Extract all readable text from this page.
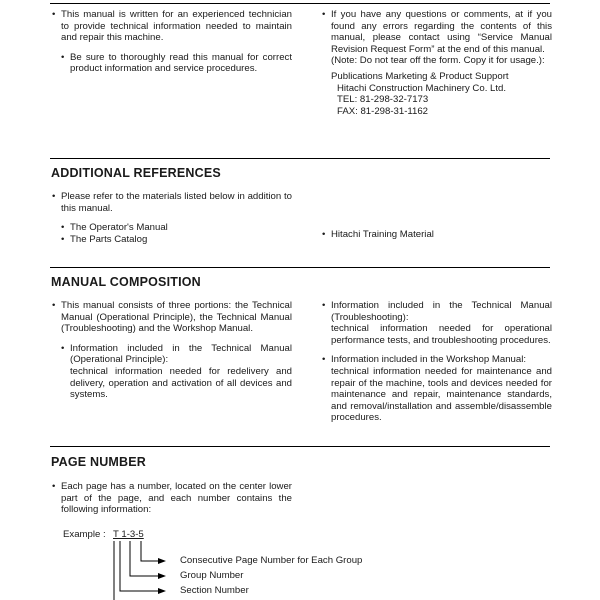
• This manual is written for an experienced technician to provide technical information needed to maintain and repair this machine.
• Be sure to thoroughly read this manual for correct product information and service procedures.
• If you have any questions or comments, at if you found any errors regarding the contents of this manual, please contact using “Service Manual Revision Request Form” at the end of this manual.
(Note: Do not tear off the form. Copy it for usage.):
Publications Marketing & Product Support
Hitachi Construction Machinery Co. Ltd.
TEL: 81-298-32-7173
FAX: 81-298-31-1162
ADDITIONAL REFERENCES
• Please refer to the materials listed below in addition to this manual.
• The Operator's Manual
• The Parts Catalog
•	Hitachi Training Material
MANUAL COMPOSITION
• This manual consists of three portions: the Technical Manual (Operational Principle), the Technical Manual (Troubleshooting) and the Workshop Manual.
• Information included in the Technical Manual (Operational Principle):
technical information needed for redelivery and delivery, operation and activation of all devices and systems.
• Information included in the Technical Manual (Troubleshooting):
technical information needed for operational performance tests, and troubleshooting procedures.
• Information included in the Workshop Manual:
technical information needed for maintenance and repair of the machine, tools and devices needed for maintenance and repair, maintenance standards, and removal/installation and assemble/disassemble procedures.
PAGE NUMBER
• Each page has a number, located on the center lower part of the page, and each number contains the following information:
Example : T 1-3-5
Consecutive Page Number for Each Group
Group Number
Section Number
